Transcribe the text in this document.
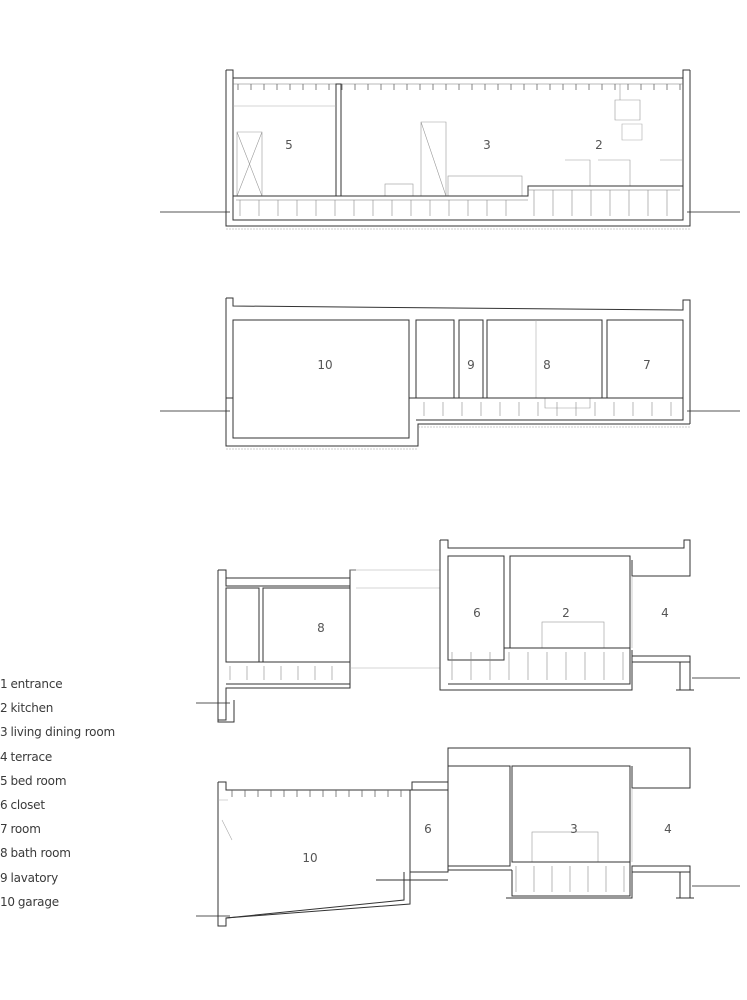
5	3	2
10	9	8	7
8
6	2	4
10
6	3	4
1 entrance
2 kitchen
3 living dining room
4 terrace
5 bed room
6 closet
7 room
8 bath room
9 lavatory
10 garage
